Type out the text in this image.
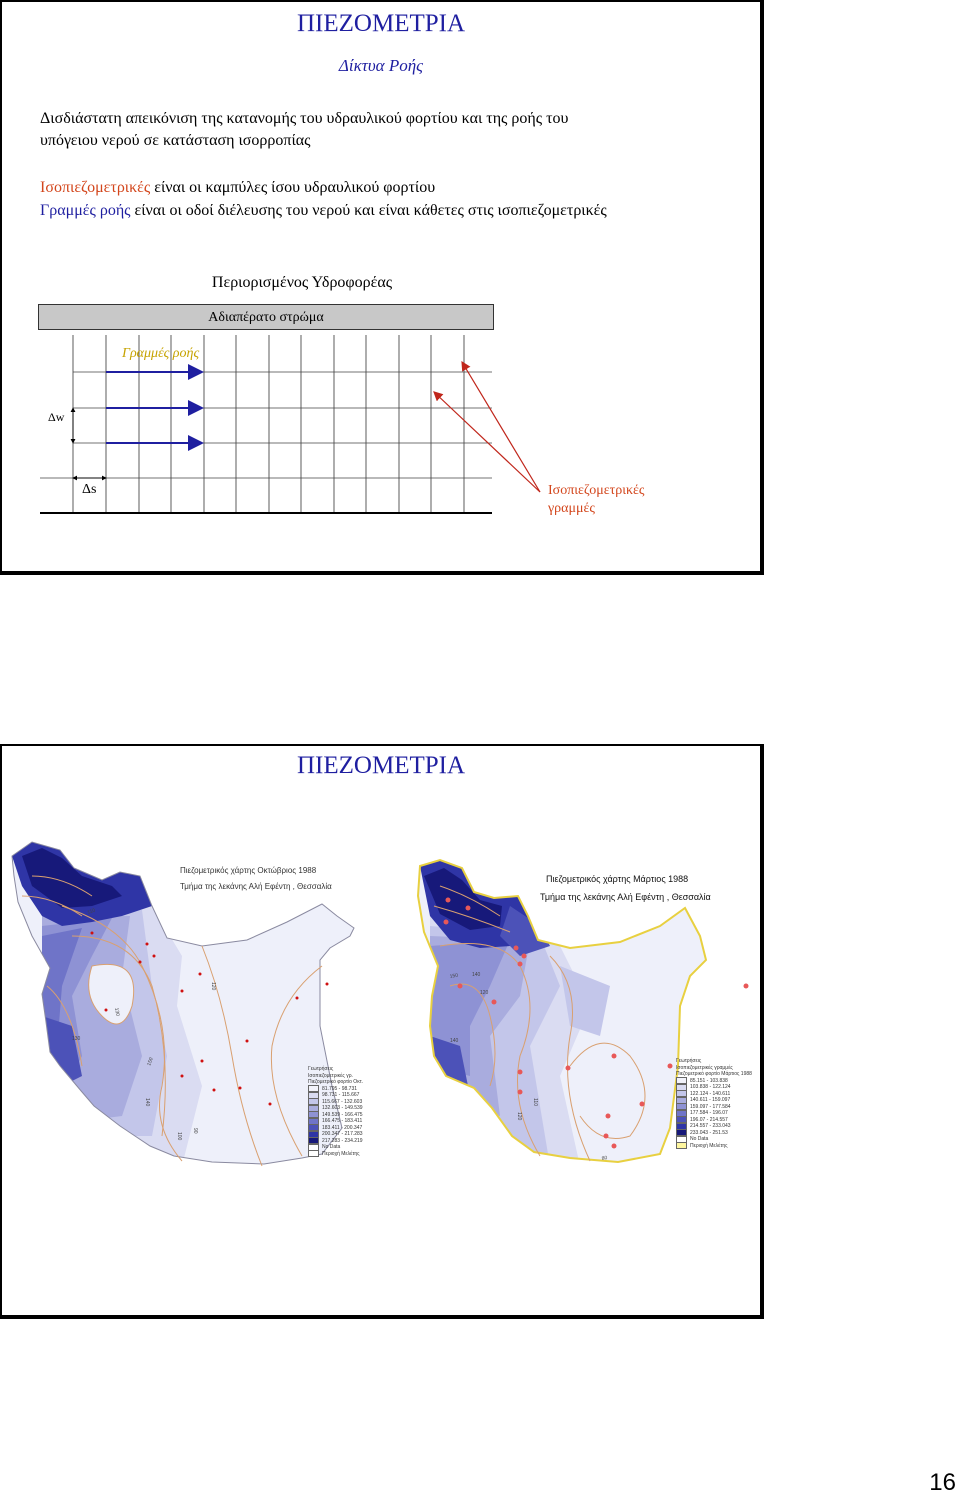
ΠΙΕΖΟΜΕΤΡΙΑ
Δίκτυα Ροής
Δισδιάστατη απεικόνιση της κατανομής του υδραυλικού φορτίου και της ροής του
υπόγειου νερού σε κατάσταση ισορροπίας
Ισοπιεζομετρικές είναι οι καμπύλες ίσου υδραυλικού φορτίου
Γραμμές ροής είναι οι οδοί διέλευσης του νερού και είναι κάθετες στις ισοπιεζομετρικές
Περιορισμένος Υδροφορέας
Αδιαπέρατο στρώμα
Γραμμές ροής
Δw
Δs	Ισοπιεζομετρικές
γραμμές
ΠΙΕΖΟΜΕΤΡΙΑ
110
130
150
140
100
90
130
120
Πιεζομετρικός χάρτης Οκτώβριος 1988
Τμήμα της λεκάνης Αλή Εφέντη , Θεσσαλία
Γεωτρήσεις
Ισοπιεζομετρικές γρ.
Πιεζομετρικό φορτίο Οκτ.
81.795 - 98.731
98.731 - 115.667
115.667 - 132.603
132.603 - 149.539
149.539 - 166.475
166.475 - 183.411
183.411 - 200.347
200.347 - 217.283
217.283 - 234.219
No Data
Περιοχή Μελέτης
150	140
120
140
120
110
80
Πιεζομετρικός χάρτης Μάρτιος 1988
Τμήμα της λεκάνης Αλή Εφέντη , Θεσσαλία
Γεωτρήσεις
Ισοπιεζομετρικές γραμμές
Πιεζομετρικό φορτίο Μάρτιος 1988
85.151 - 103.838
103.838 - 122.124
122.124 - 140.611
140.611 - 159.097
159.097 - 177.584
177.584 - 196.07
196.07 - 214.557
214.557 - 233.043
233.043 - 251.53
No Data
Περιοχή Μελέτης
16
